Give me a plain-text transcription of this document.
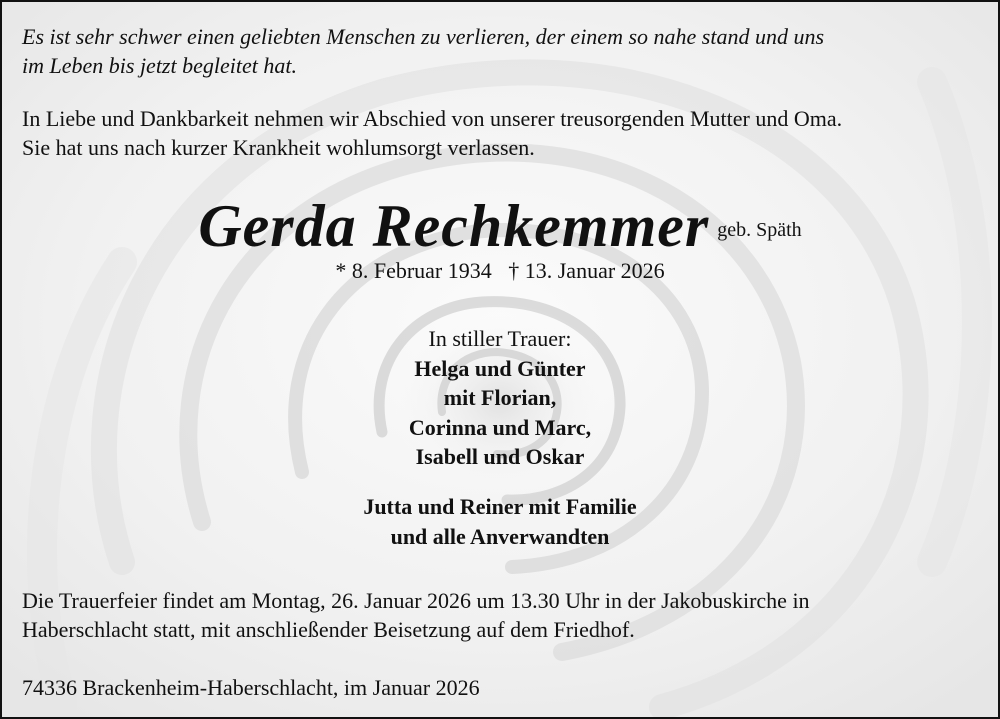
Es ist sehr schwer einen geliebten Menschen zu verlieren, der einem so nahe stand und uns
im Leben bis jetzt begleitet hat.
In Liebe und Dankbarkeit nehmen wir Abschied von unserer treusorgenden Mutter und Oma.
Sie hat uns nach kurzer Krankheit wohlumsorgt verlassen.
Gerda Rechkemmer geb. Späth
* 8. Februar 1934 † 13. Januar 2026
In stiller Trauer:
Helga und Günter
mit Florian,
Corinna und Marc,
Isabell und Oskar
Jutta und Reiner mit Familie
und alle Anverwandten
Die Trauerfeier findet am Montag, 26. Januar 2026 um 13.30 Uhr in der Jakobuskirche in
Haberschlacht statt, mit anschließender Beisetzung auf dem Friedhof.
74336 Brackenheim-Haberschlacht, im Januar 2026
